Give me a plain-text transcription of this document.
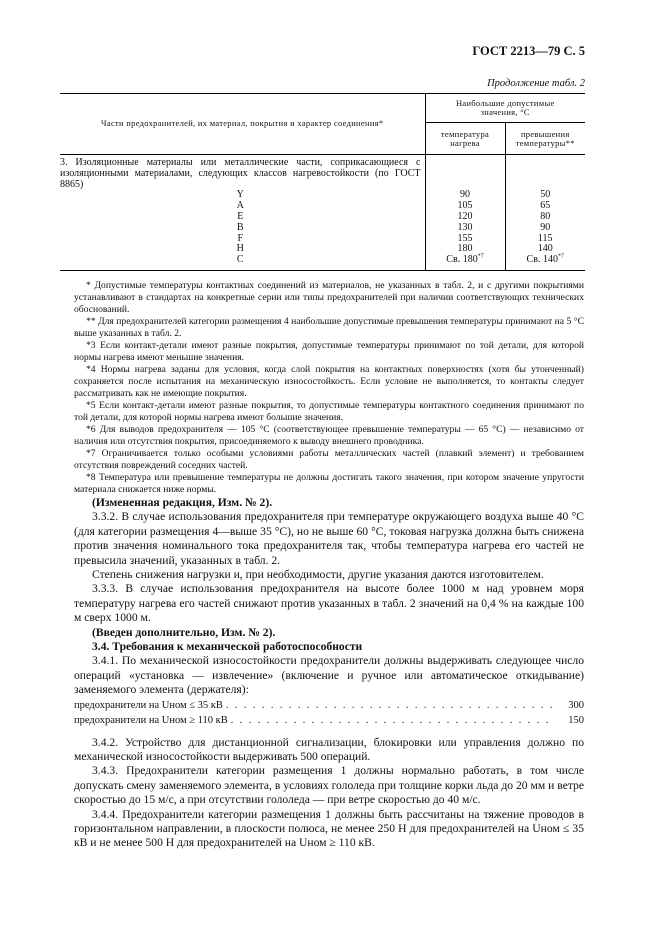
ГОСТ 2213—79 С. 5
Продолжение табл. 2
Части предохранителей, их материал, покрытия и характер соединения*	Наибольшие допустимые значения, °С	
	температура нагрева	превышения температуры**
3. Изоляционные материалы или металлические части, соприкасающиеся с изоляционными материалами, следующих классов нагревостойкости (по ГОСТ 8865)		
Y	90	50
A	105	65
E	120	80
B	130	90
F	155	115
H	180	140
C	Св. 180$^{*7}$	Св. 140$^{*7}$

* Допустимые температуры контактных соединений из материалов, не указанных в табл. 2, и с другими покрытиями устанавливают в стандартах на конкретные серии или типы предохранителей при наличии соответствующих технических обоснований.

** Для предохранителей категории размещения 4 наибольшие допустимые превышения температуры принимают на 5 °С выше указанных в табл. 2.

*3 Если контакт-детали имеют разные покрытия, допустимые температуры принимают по той детали, для которой нормы нагрева имеют меньшие значения.

*4 Нормы нагрева заданы для условия, когда слой покрытия на контактных поверхностях (хотя бы утонченный) сохраняется после испытания на механическую износостойкость. Если условие не выполняется, то контакты следует рассматривать как не имеющие покрытия.

*5 Если контакт-детали имеют разные покрытия, то допустимые температуры контактного соединения принимают по той детали, для которой нормы нагрева имеют большие значения.

*6 Для выводов предохранителя — 105 °С (соответствующее превышение температуры — 65 °С) — независимо от наличия или отсутствия покрытия, присоединяемого к выводу внешнего проводника.

*7 Ограничивается только особыми условиями работы металлических частей (плавкий элемент) и требованием отсутствия повреждений соседних частей.

*8 Температура или превышение температуры не должны достигать такого значения, при котором значение упругости материала снижается ниже нормы.

(Измененная редакция, Изм. № 2).

3.3.2. В случае использования предохранителя при температуре окружающего воздуха выше 40 °С (для категории размещения 4—выше 35 °С), но не выше 60 °С, токовая нагрузка должна быть снижена против значения номинального тока предохранителя так, чтобы температура нагрева его частей не превысила значений, указанных в табл. 2.

Степень снижения нагрузки и, при необходимости, другие указания даются изготовителем.

3.3.3. В случае использования предохранителя на высоте более 1000 м над уровнем моря температуру нагрева его частей снижают против указанных в табл. 2 значений на 0,4 % на каждые 100 м сверх 1000 м.

(Введен дополнительно, Изм. № 2).

3.4. Требования к механической работоспособности

3.4.1. По механической износостойкости предохранители должны выдерживать следующее число операций «установка — извлечение» (включение и ручное или автоматическое откидывание) заменяемого элемента (держателя):

предохранители на Uном ≤ 35 кВ . . .	300
предохранители на Uном ≥ 110 кВ . . .	150

3.4.2. Устройство для дистанционной сигнализации, блокировки или управления должно по механической износостойкости выдерживать 500 операций.

3.4.3. Предохранители категории размещения 1 должны нормально работать, в том числе допускать смену заменяемого элемента, в условиях гололеда при толщине корки льда до 20 мм и ветре скоростью до 15 м/с, а при отсутствии гололеда — при ветре скоростью до 40 м/с.

3.4.4. Предохранители категории размещения 1 должны быть рассчитаны на тяжение проводов в горизонтальном направлении, в плоскости полюса, не менее 250 Н для предохранителей на Uном ≤ 35 кВ и не менее 500 Н для предохранителей на Uном ≥ 110 кВ.
